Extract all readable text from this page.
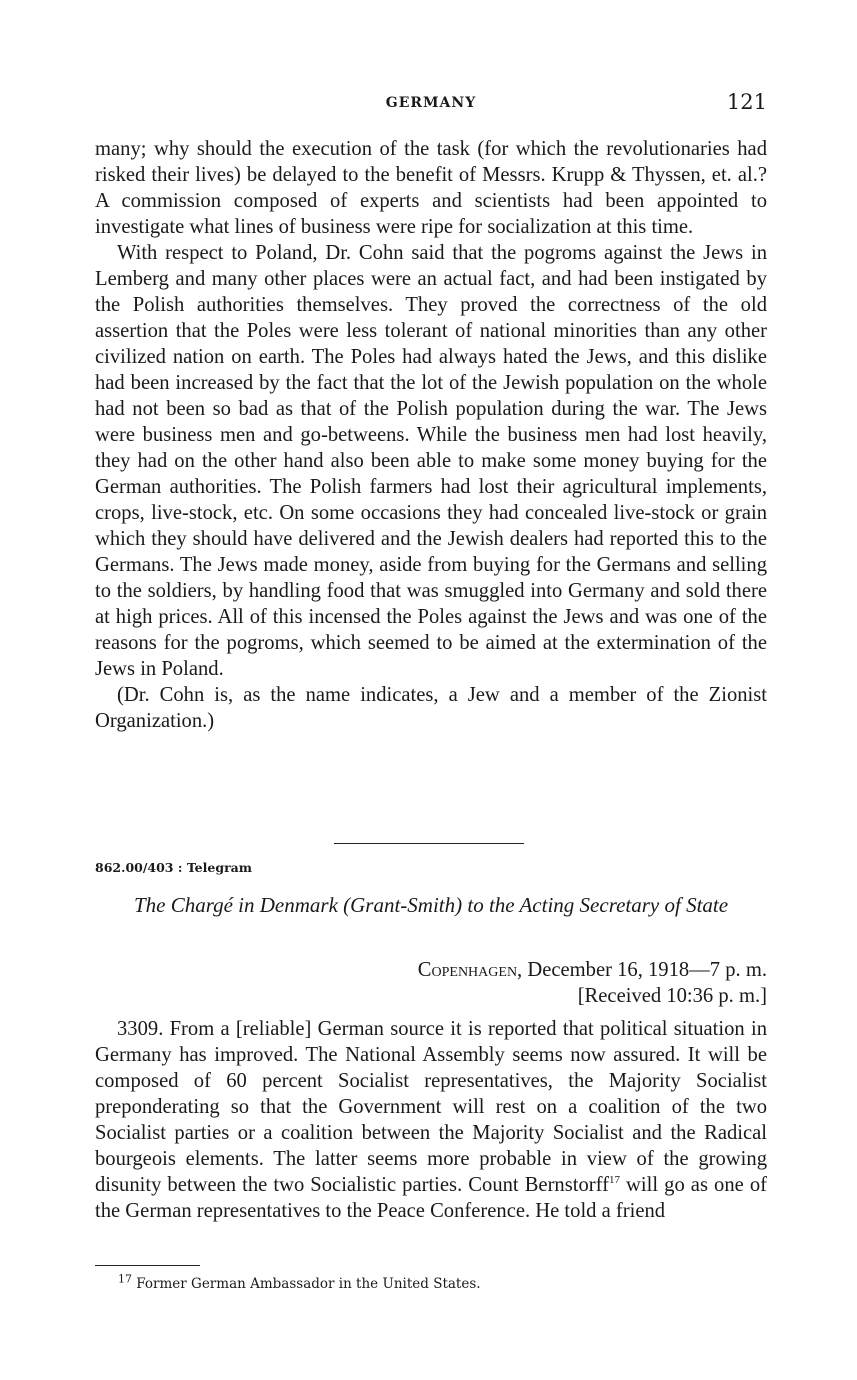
GERMANY	121

many; why should the execution of the task (for which the revolutionaries had risked their lives) be delayed to the benefit of Messrs. Krupp & Thyssen, et. al.? A commission composed of experts and scientists had been appointed to investigate what lines of business were ripe for socialization at this time.

With respect to Poland, Dr. Cohn said that the pogroms against the Jews in Lemberg and many other places were an actual fact, and had been instigated by the Polish authorities themselves. They proved the correctness of the old assertion that the Poles were less tolerant of national minorities than any other civilized nation on earth. The Poles had always hated the Jews, and this dislike had been increased by the fact that the lot of the Jewish population on the whole had not been so bad as that of the Polish population during the war. The Jews were business men and go-betweens. While the business men had lost heavily, they had on the other hand also been able to make some money buying for the German authorities. The Polish farmers had lost their agricultural implements, crops, live-stock, etc. On some occasions they had concealed live-stock or grain which they should have delivered and the Jewish dealers had reported this to the Germans. The Jews made money, aside from buying for the Germans and selling to the soldiers, by handling food that was smuggled into Germany and sold there at high prices. All of this incensed the Poles against the Jews and was one of the reasons for the pogroms, which seemed to be aimed at the extermination of the Jews in Poland.

(Dr. Cohn is, as the name indicates, a Jew and a member of the Zionist Organization.)

862.00/403 : Telegram
The Chargé in Denmark (Grant-Smith) to the Acting Secretary of State
Copenhagen, December 16, 1918—7 p. m.
[Received 10:36 p. m.]

3309. From a [reliable] German source it is reported that political situation in Germany has improved. The National Assembly seems now assured. It will be composed of 60 percent Socialist representatives, the Majority Socialist preponderating so that the Government will rest on a coalition of the two Socialist parties or a coalition between the Majority Socialist and the Radical bourgeois elements. The latter seems more probable in view of the growing disunity between the two Socialistic parties. Count Bernstorff$^{17}$ will go as one of the German representatives to the Peace Conference. He told a friend

$^{17}$ Former German Ambassador in the United States.
